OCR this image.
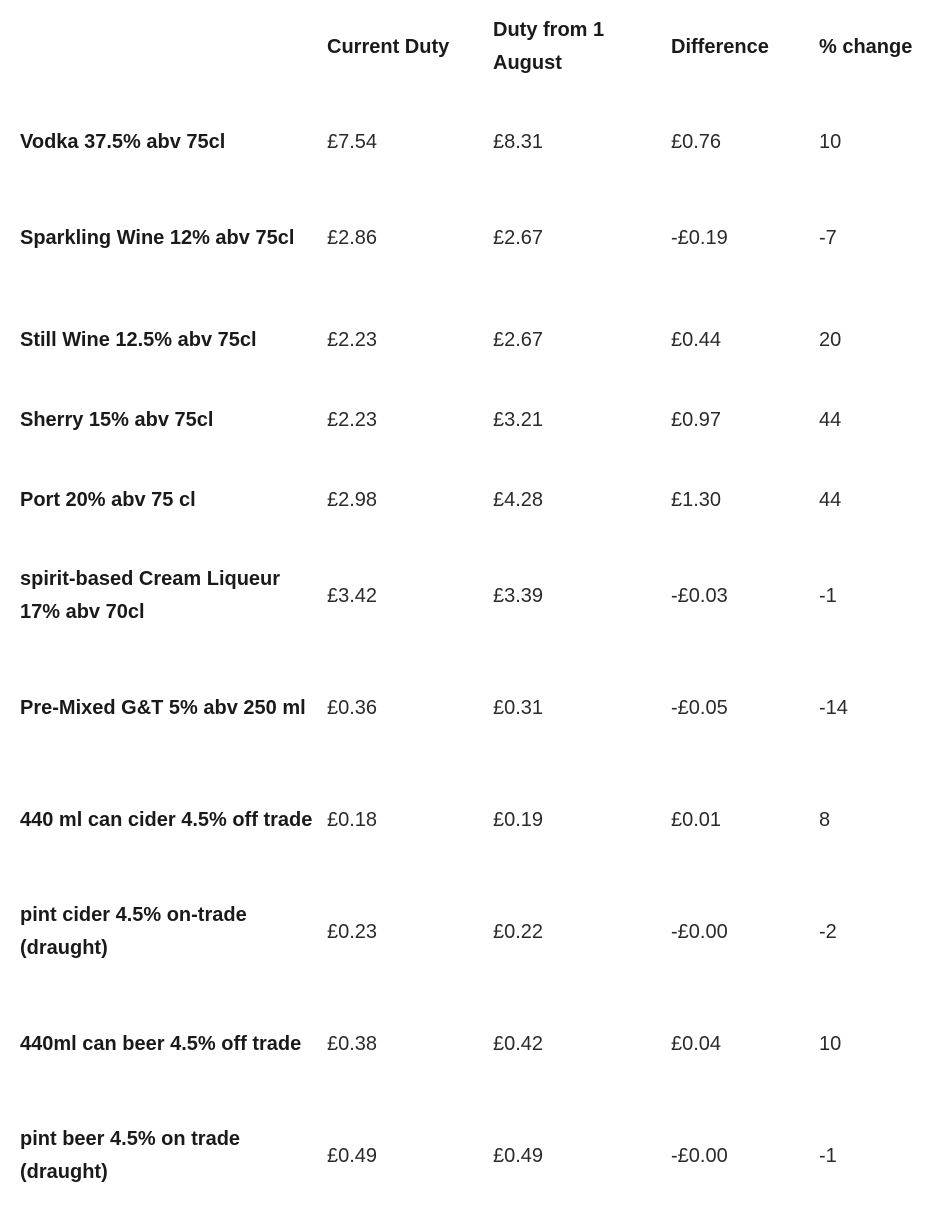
	Current Duty	Duty from 1 August	Difference	% change

Vodka 37.5% abv 75cl	£7.54	£8.31	£0.76	10
Sparkling Wine 12% abv 75cl	£2.86	£2.67	-£0.19	-7
Still Wine 12.5% abv 75cl	£2.23	£2.67	£0.44	20
Sherry 15% abv 75cl	£2.23	£3.21	£0.97	44
Port 20% abv 75 cl	£2.98	£4.28	£1.30	44
spirit-based Cream Liqueur 17% abv 70cl	£3.42	£3.39	-£0.03	-1
Pre-Mixed G&T 5% abv 250 ml	£0.36	£0.31	-£0.05	-14
440 ml can cider 4.5% off trade	£0.18	£0.19	£0.01	8
pint cider 4.5% on-trade (draught)	£0.23	£0.22	-£0.00	-2
440ml can beer 4.5% off trade	£0.38	£0.42	£0.04	10
pint beer 4.5% on trade (draught)	£0.49	£0.49	-£0.00	-1
